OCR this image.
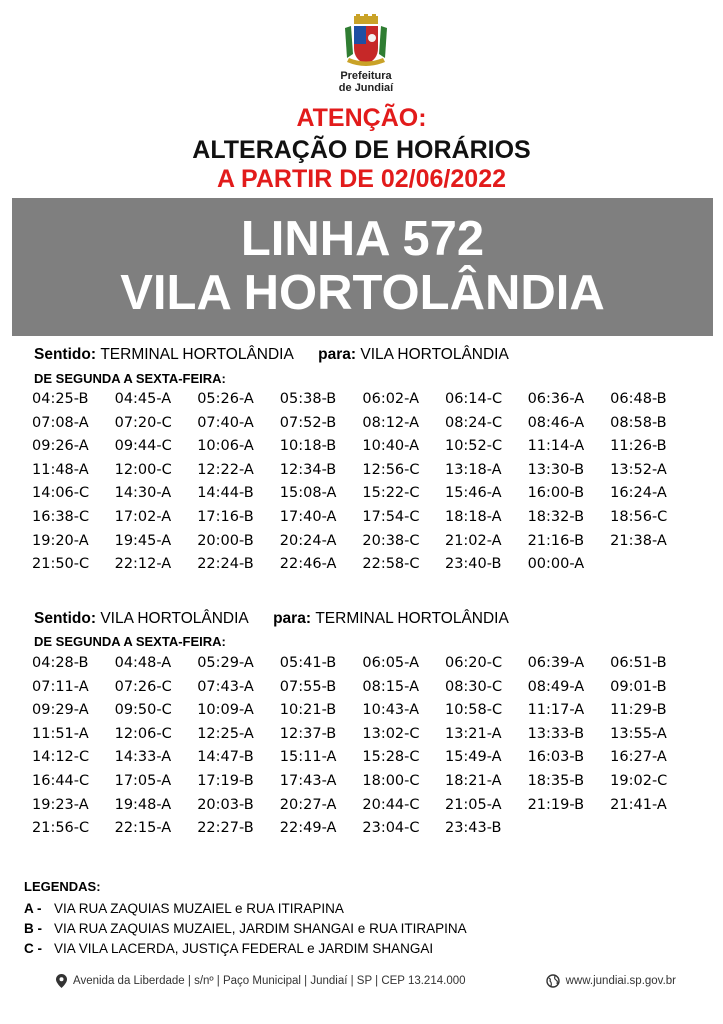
Prefeitura
de Jundiaí
ATENÇÃO:
ALTERAÇÃO DE HORÁRIOS
A PARTIR DE 02/06/2022
LINHA 572
VILA HORTOLÂNDIA
Sentido: TERMINAL HORTOLÂNDIA para: VILA HORTOLÂNDIA
DE SEGUNDA A SEXTA-FEIRA:
04:25-B	04:45-A	05:26-A	05:38-B	06:02-A	06:14-C	06:36-A	06:48-B
07:08-A	07:20-C	07:40-A	07:52-B	08:12-A	08:24-C	08:46-A	08:58-B
09:26-A	09:44-C	10:06-A	10:18-B	10:40-A	10:52-C	11:14-A	11:26-B
11:48-A	12:00-C	12:22-A	12:34-B	12:56-C	13:18-A	13:30-B	13:52-A
14:06-C	14:30-A	14:44-B	15:08-A	15:22-C	15:46-A	16:00-B	16:24-A
16:38-C	17:02-A	17:16-B	17:40-A	17:54-C	18:18-A	18:32-B	18:56-C
19:20-A	19:45-A	20:00-B	20:24-A	20:38-C	21:02-A	21:16-B	21:38-A
21:50-C	22:12-A	22:24-B	22:46-A	22:58-C	23:40-B	00:00-A
Sentido: VILA HORTOLÂNDIA para: TERMINAL HORTOLÂNDIA
DE SEGUNDA A SEXTA-FEIRA:
04:28-B	04:48-A	05:29-A	05:41-B	06:05-A	06:20-C	06:39-A	06:51-B
07:11-A	07:26-C	07:43-A	07:55-B	08:15-A	08:30-C	08:49-A	09:01-B
09:29-A	09:50-C	10:09-A	10:21-B	10:43-A	10:58-C	11:17-A	11:29-B
11:51-A	12:06-C	12:25-A	12:37-B	13:02-C	13:21-A	13:33-B	13:55-A
14:12-C	14:33-A	14:47-B	15:11-A	15:28-C	15:49-A	16:03-B	16:27-A
16:44-C	17:05-A	17:19-B	17:43-A	18:00-C	18:21-A	18:35-B	19:02-C
19:23-A	19:48-A	20:03-B	20:27-A	20:44-C	21:05-A	21:19-B	21:41-A
21:56-C	22:15-A	22:27-B	22:49-A	23:04-C	23:43-B
LEGENDAS:
A - VIA RUA ZAQUIAS MUZAIEL e RUA ITIRAPINA
B - VIA RUA ZAQUIAS MUZAIEL, JARDIM SHANGAI e RUA ITIRAPINA
C - VIA VILA LACERDA, JUSTIÇA FEDERAL e JARDIM SHANGAI
Avenida da Liberdade | s/nº | Paço Municipal | Jundiaí | SP | CEP 13.214.000	www.jundiai.sp.gov.br
